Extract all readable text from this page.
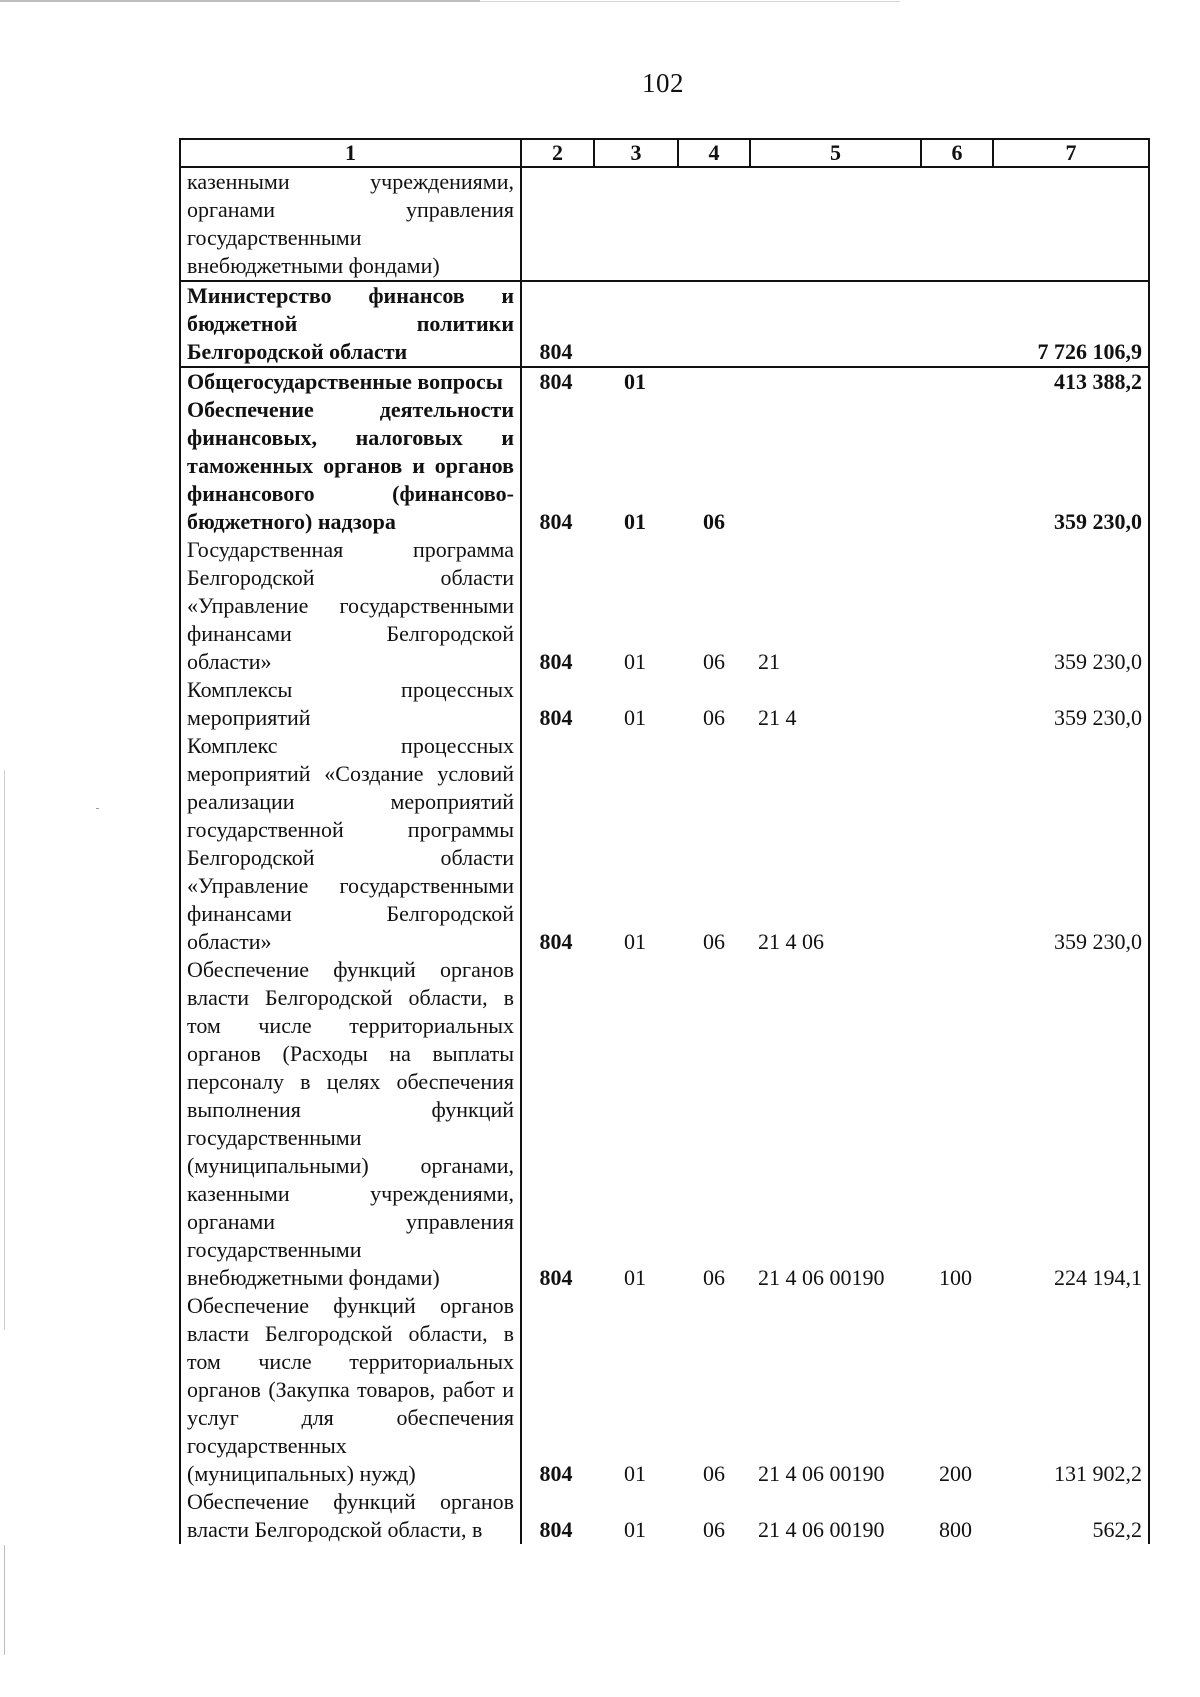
102
1	2	3	4	5	6	7
казенными учреждениями, органами управления государственными внебюджетными фондами)						
Министерство финансов и бюджетной политики Белгородской области	804					7 726 106,9
Общегосударственные вопросы	804	01				413 388,2
Обеспечение деятельности финансовых, налоговых и таможенных органов и органов финансового (финансово-бюджетного) надзора	804	01	06			359 230,0
Государственная программа Белгородской области «Управление государственными финансами Белгородской области»	804	01	06	21		359 230,0
Комплексы процессных мероприятий	804	01	06	21 4		359 230,0
Комплекс процессных мероприятий «Создание условий реализации мероприятий государственной программы Белгородской области «Управление государственными финансами Белгородской области»	804	01	06	21 4 06		359 230,0
Обеспечение функций органов власти Белгородской области, в том числе территориальных органов (Расходы на выплаты персоналу в целях обеспечения выполнения функций государственными (муниципальными) органами, казенными учреждениями, органами управления государственными внебюджетными фондами)	804	01	06	21 4 06 00190	100	224 194,1
Обеспечение функций органов власти Белгородской области, в том числе территориальных органов (Закупка товаров, работ и услуг для обеспечения государственных (муниципальных) нужд)	804	01	06	21 4 06 00190	200	131 902,2
Обеспечение функций органов власти Белгородской области, в	804	01	06	21 4 06 00190	800	562,2
